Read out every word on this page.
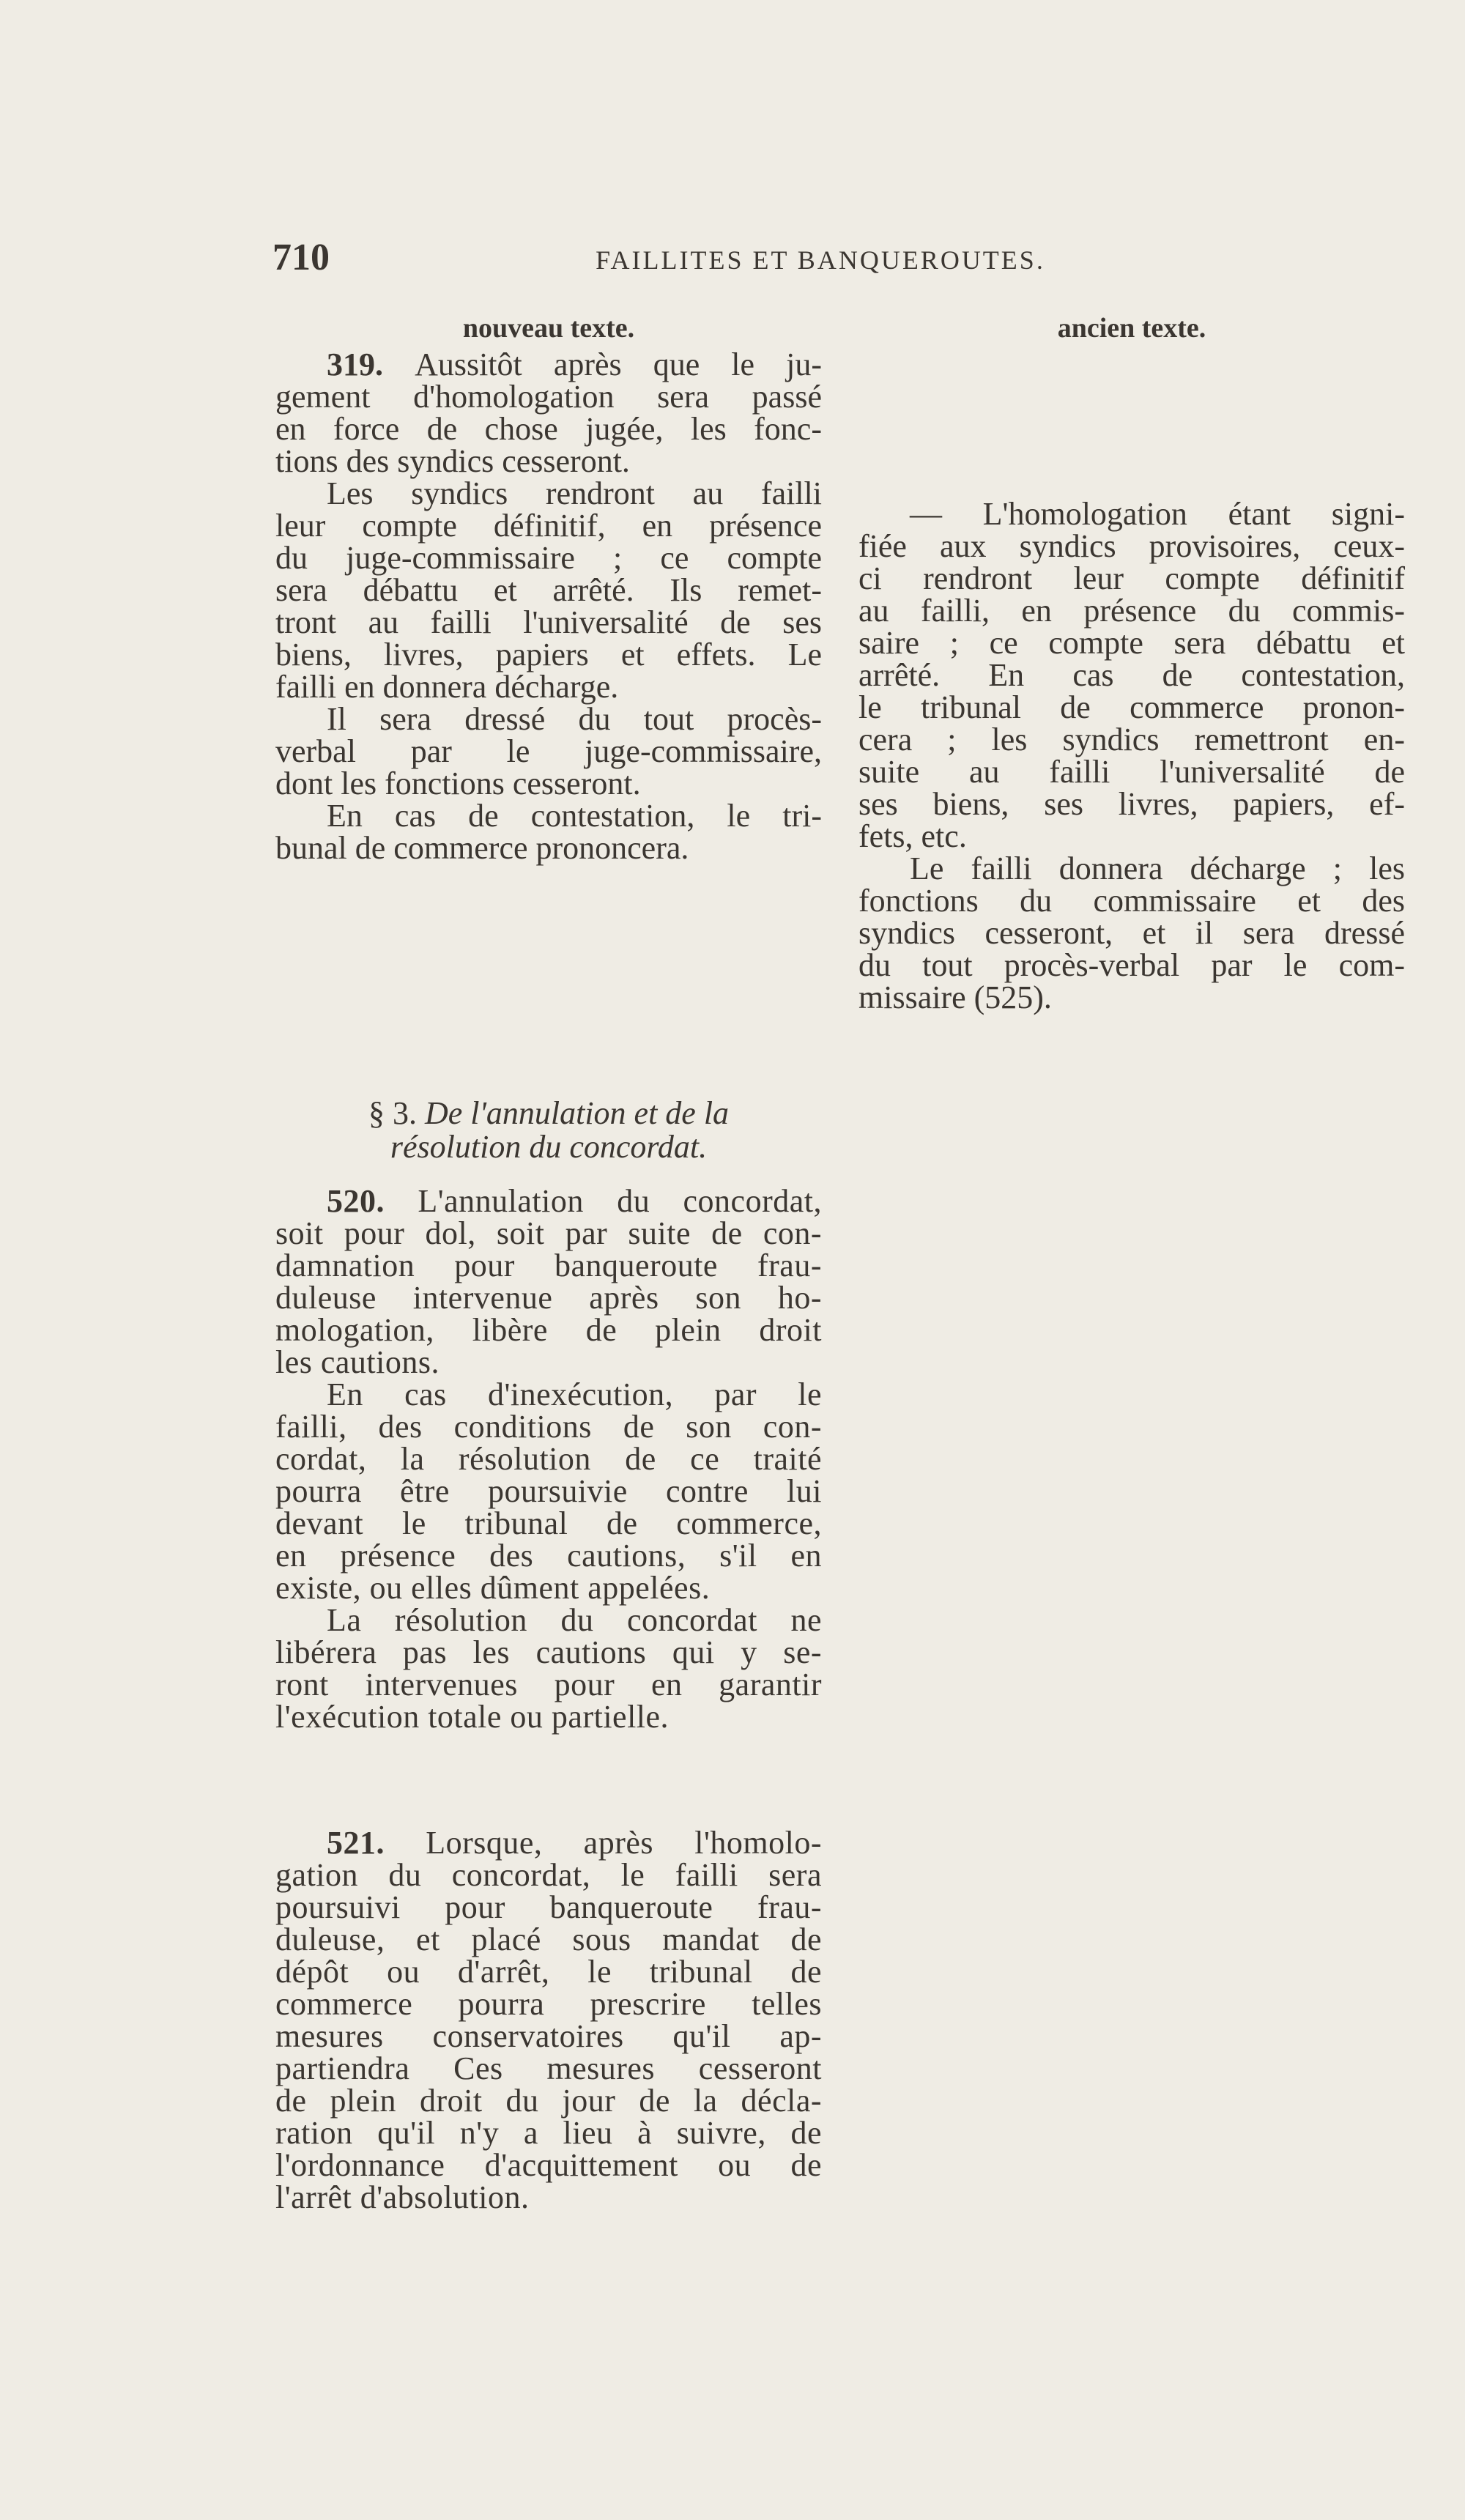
710	FAILLITES ET BANQUEROUTES.
nouveau texte.	ancien texte.
319. Aussitôt après que le ju-
gement d'homologation sera passé
en force de chose jugée, les fonc-
tions des syndics cesseront.
Les syndics rendront au failli
leur compte définitif, en présence
du juge-commissaire ; ce compte
sera débattu et arrêté. Ils remet-
tront au failli l'universalité de ses
biens, livres, papiers et effets. Le
failli en donnera décharge.
Il sera dressé du tout procès-
verbal par le juge-commissaire,
dont les fonctions cesseront.
En cas de contestation, le tri-
bunal de commerce prononcera.
— L'homologation étant signi-
fiée aux syndics provisoires, ceux-
ci rendront leur compte définitif
au failli, en présence du commis-
saire ; ce compte sera débattu et
arrêté. En cas de contestation,
le tribunal de commerce pronon-
cera ; les syndics remettront en-
suite au failli l'universalité de
ses biens, ses livres, papiers, ef-
fets, etc.
Le failli donnera décharge ; les
fonctions du commissaire et des
syndics cesseront, et il sera dressé
du tout procès-verbal par le com-
missaire (525).
§ 3. De l'annulation et de la
résolution du concordat.
520. L'annulation du concordat,
soit pour dol, soit par suite de con-
damnation pour banqueroute frau-
duleuse intervenue après son ho-
mologation, libère de plein droit
les cautions.
En cas d'inexécution, par le
failli, des conditions de son con-
cordat, la résolution de ce traité
pourra être poursuivie contre lui
devant le tribunal de commerce,
en présence des cautions, s'il en
existe, ou elles dûment appelées.
La résolution du concordat ne
libérera pas les cautions qui y se-
ront intervenues pour en garantir
l'exécution totale ou partielle.
521. Lorsque, après l'homolo-
gation du concordat, le failli sera
poursuivi pour banqueroute frau-
duleuse, et placé sous mandat de
dépôt ou d'arrêt, le tribunal de
commerce pourra prescrire telles
mesures conservatoires qu'il ap-
partiendra Ces mesures cesseront
de plein droit du jour de la décla-
ration qu'il n'y a lieu à suivre, de
l'ordonnance d'acquittement ou de
l'arrêt d'absolution.
